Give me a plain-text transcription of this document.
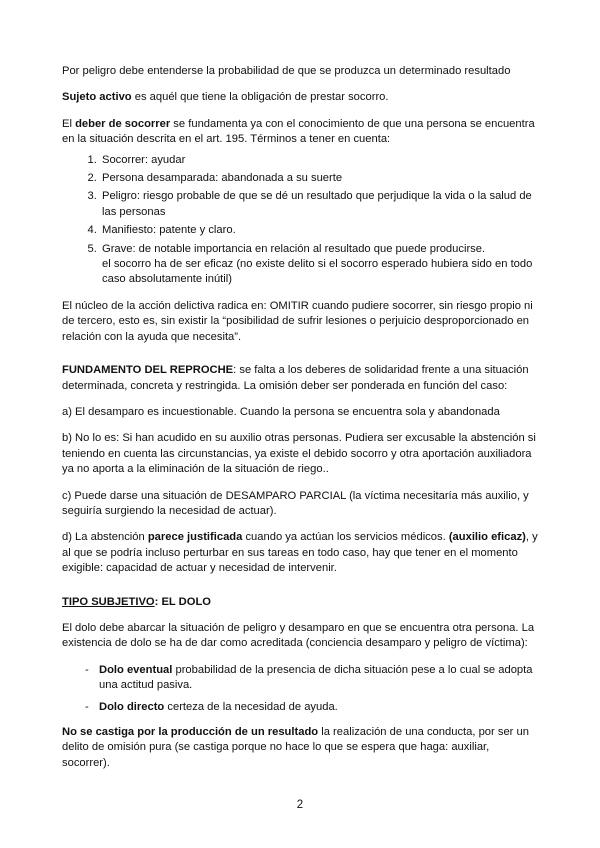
Por peligro debe entenderse la probabilidad de que se produzca un determinado resultado

Sujeto activo es aquél que tiene la obligación de prestar socorro.

El deber de socorrer se fundamenta ya con el conocimiento de que una persona se encuentra en la situación descrita en el art. 195. Términos a tener en cuenta:

1. Socorrer: ayudar
2. Persona desamparada: abandonada a su suerte
3. Peligro: riesgo probable de que se dé un resultado que perjudique la vida o la salud de las personas
4. Manifiesto: patente y claro.
5. Grave: de notable importancia en relación al resultado que puede producirse.
el socorro ha de ser eficaz (no existe delito si el socorro esperado hubiera sido en todo caso absolutamente inútil)

El núcleo de la acción delictiva radica en: OMITIR cuando pudiere socorrer, sin riesgo propio ni de tercero, esto es, sin existir la “posibilidad de sufrir lesiones o perjuicio desproporcionado en relación con la ayuda que necesita”.

FUNDAMENTO DEL REPROCHE: se falta a los deberes de solidaridad frente a una situación determinada, concreta y restringida. La omisión deber ser ponderada en función del caso:

a) El desamparo es incuestionable. Cuando la persona se encuentra sola y abandonada

b) No lo es: Si han acudido en su auxilio otras personas. Pudiera ser excusable la abstención si teniendo en cuenta las circunstancias, ya existe el debido socorro y otra aportación auxiliadora ya no aporta a la eliminación de la situación de riego..

c) Puede darse una situación de DESAMPARO PARCIAL (la víctima necesitaría más auxilio, y seguiría surgiendo la necesidad de actuar).

d) La abstención parece justificada cuando ya actúan los servicios médicos. (auxilio eficaz), y al que se podría incluso perturbar en sus tareas en todo caso, hay que tener en el momento exigible: capacidad de actuar y necesidad de intervenir.

TIPO SUBJETIVO: EL DOLO

El dolo debe abarcar la situación de peligro y desamparo en que se encuentra otra persona. La existencia de dolo se ha de dar como acreditada (conciencia desamparo y peligro de víctima):

- Dolo eventual probabilidad de la presencia de dicha situación pese a lo cual se adopta una actitud pasiva.
- Dolo directo certeza de la necesidad de ayuda.

No se castiga por la producción de un resultado la realización de una conducta, por ser un delito de omisión pura (se castiga porque no hace lo que se espera que haga: auxiliar, socorrer).

2
